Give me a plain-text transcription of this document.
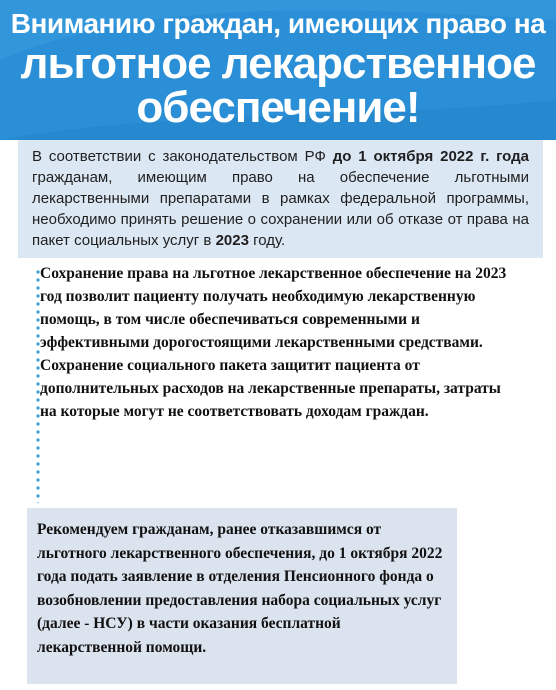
Вниманию граждан, имеющих право на
льготное лекарственное
обеспечение!
В соответствии с законодательством РФ до 1 октября 2022 г. года гражданам, имеющим право на обеспечение льготными лекарственными препаратами в рамках федеральной программы, необходимо принять решение о сохранении или об отказе от права на пакет социальных услуг в 2023 году.

Сохранение права на льготное лекарственное обеспечение на 2023 год позволит пациенту получать необходимую лекарственную помощь, в том числе обеспечиваться современными и эффективными дорогостоящими лекарственными средствами.

Сохранение социального пакета защитит пациента от дополнительных расходов на лекарственные препараты, затраты на которые могут не соответствовать доходам граждан.

Рекомендуем гражданам, ранее отказавшимся от льготного лекарственного обеспечения, до 1 октября 2022 года подать заявление в отделения Пенсионного фонда о возобновлении предоставления набора социальных услуг (далее - НСУ) в части оказания бесплатной лекарственной помощи.
